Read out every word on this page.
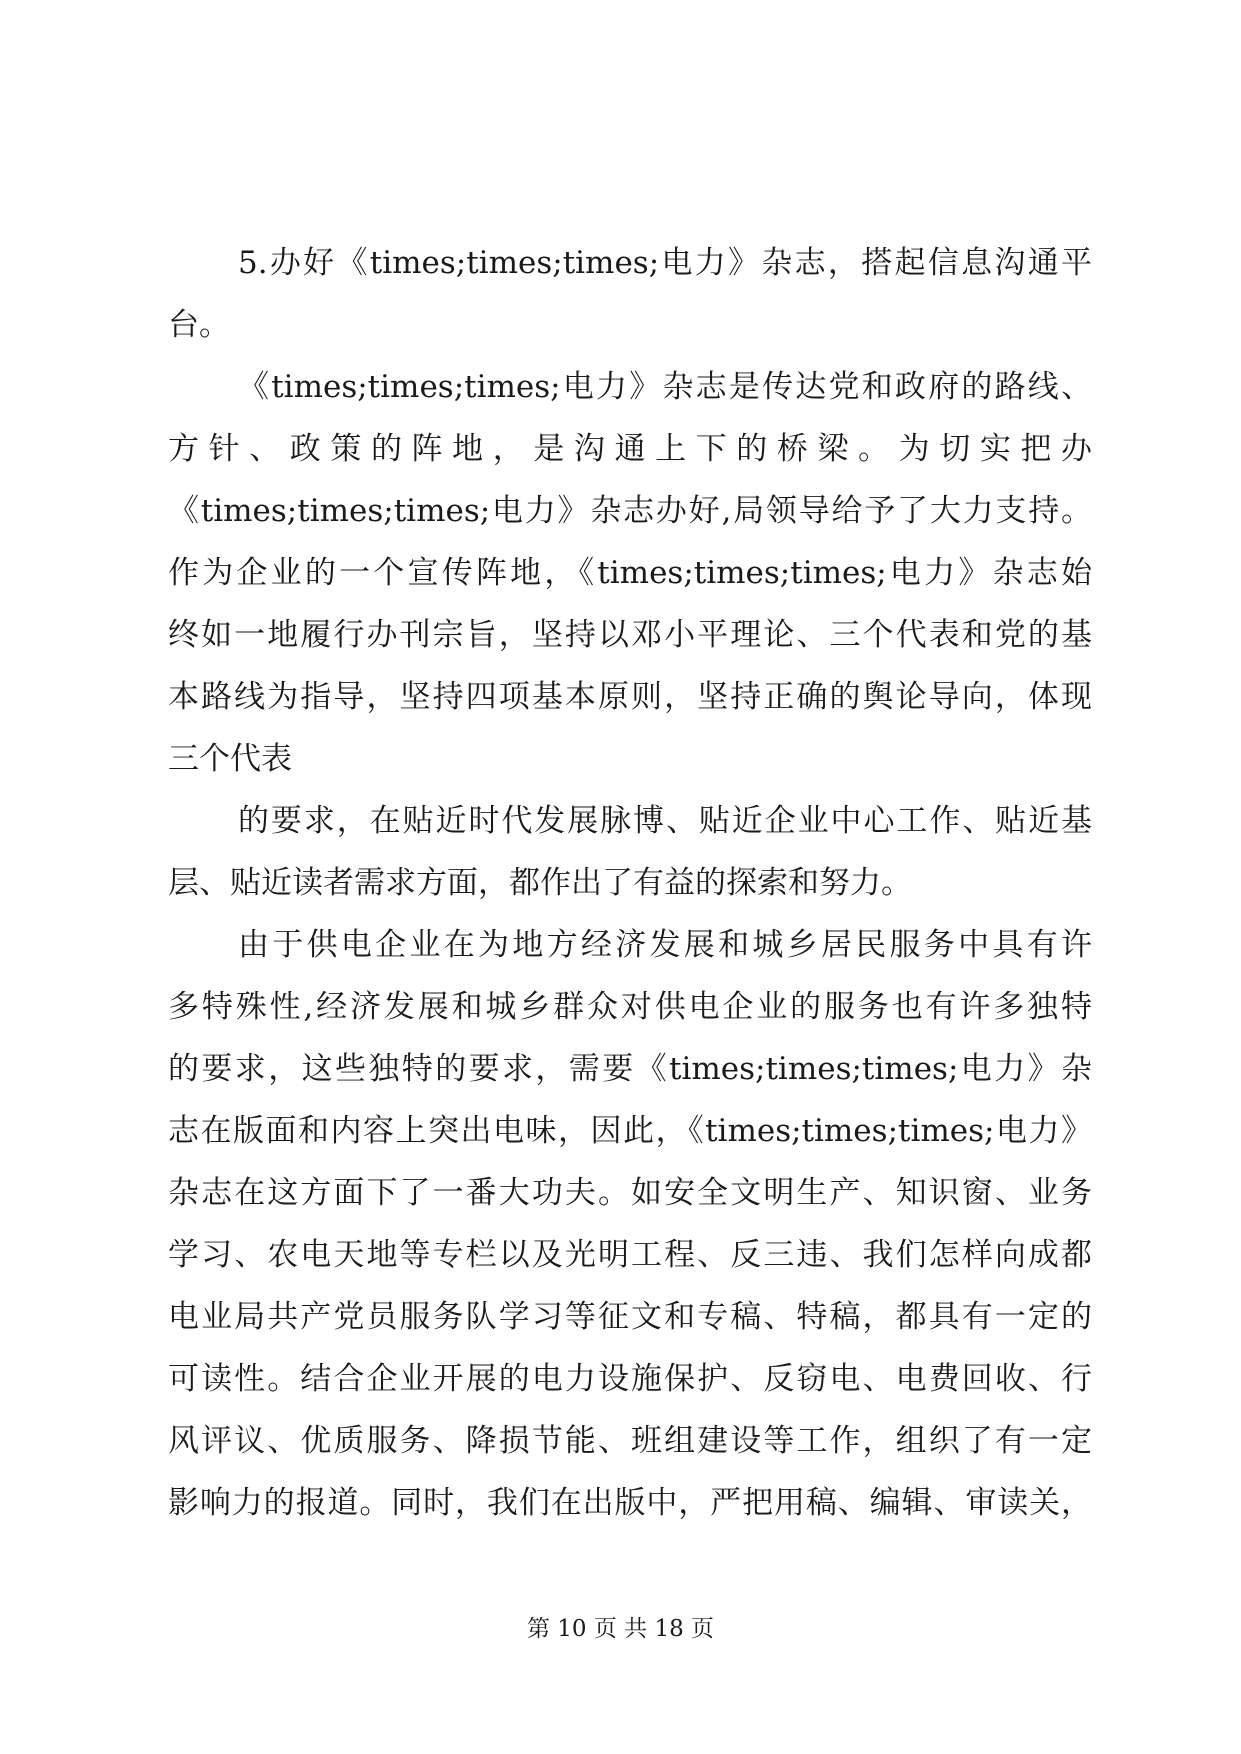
5.办好《times;times;times;电力》杂志，搭起信息沟通平
台。
《times;times;times;电力》杂志是传达党和政府的路线、
方针、政策的阵地，是沟通上下的桥梁。为切实把办
《times;times;times;电力》杂志办好,局领导给予了大力支持。
作为企业的一个宣传阵地，《times;times;times;电力》杂志始
终如一地履行办刊宗旨，坚持以邓小平理论、三个代表和党的基
本路线为指导，坚持四项基本原则，坚持正确的舆论导向，体现
三个代表
的要求，在贴近时代发展脉博、贴近企业中心工作、贴近基
层、贴近读者需求方面，都作出了有益的探索和努力。
由于供电企业在为地方经济发展和城乡居民服务中具有许
多特殊性,经济发展和城乡群众对供电企业的服务也有许多独特
的要求，这些独特的要求，需要《times;times;times;电力》杂
志在版面和内容上突出电味，因此，《times;times;times;电力》
杂志在这方面下了一番大功夫。如安全文明生产、知识窗、业务
学习、农电天地等专栏以及光明工程、反三违、我们怎样向成都
电业局共产党员服务队学习等征文和专稿、特稿，都具有一定的
可读性。结合企业开展的电力设施保护、反窃电、电费回收、行
风评议、优质服务、降损节能、班组建设等工作，组织了有一定
影响力的报道。同时，我们在出版中，严把用稿、编辑、审读关，
第 10 页 共 18 页
